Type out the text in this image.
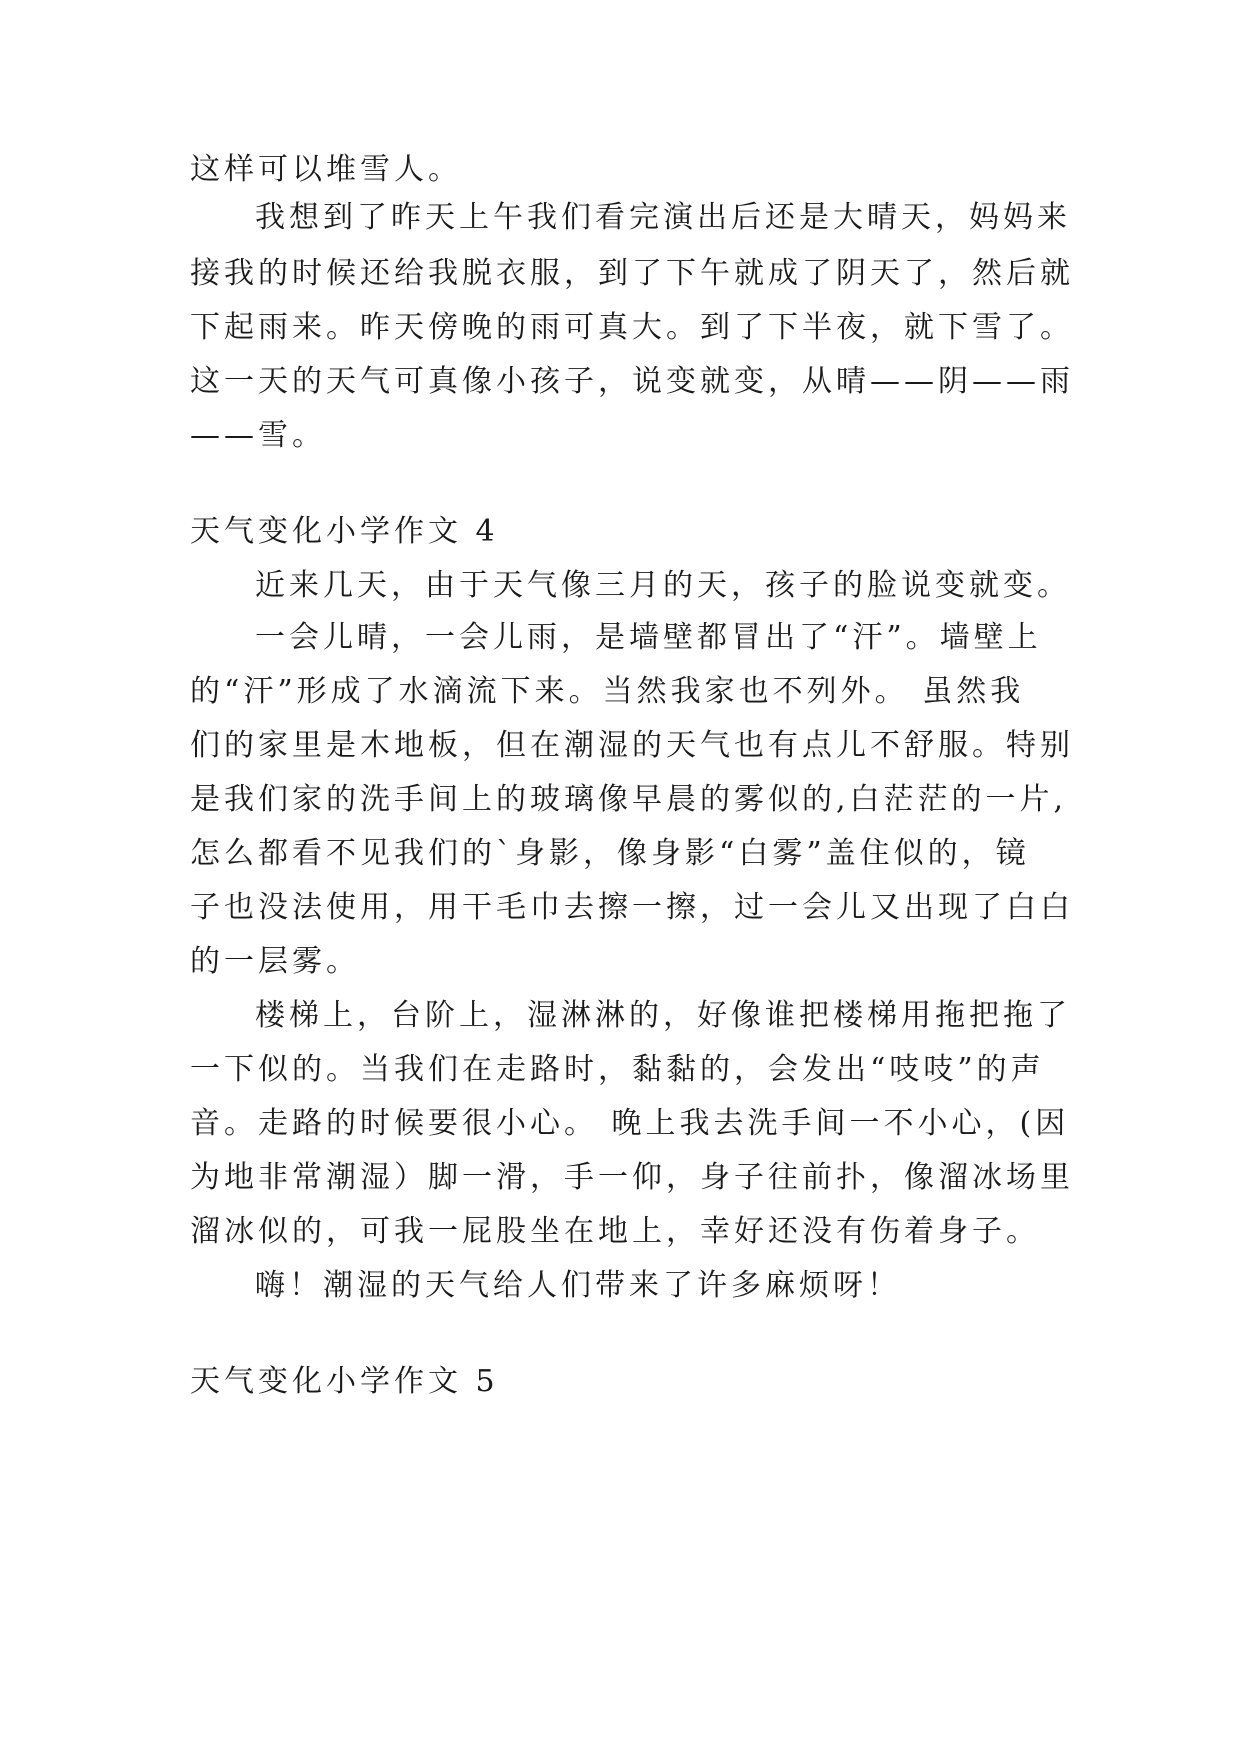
这样可以堆雪人。
我想到了昨天上午我们看完演出后还是大晴天，妈妈来
接我的时候还给我脱衣服，到了下午就成了阴天了，然后就
下起雨来。昨天傍晚的雨可真大。到了下半夜，就下雪了。
这一天的天气可真像小孩子，说变就变，从晴——阴——雨
——雪。
天气变化小学作文 4
近来几天，由于天气像三月的天，孩子的脸说变就变。
一会儿晴，一会儿雨，是墙壁都冒出了“汗”。墙壁上
的“汗”形成了水滴流下来。当然我家也不列外。 虽然我
们的家里是木地板，但在潮湿的天气也有点儿不舒服。特别
是我们家的洗手间上的玻璃像早晨的雾似的,白茫茫的一片,
怎么都看不见我们的`身影，像身影“白雾”盖住似的，镜
子也没法使用，用干毛巾去擦一擦，过一会儿又出现了白白
的一层雾。
楼梯上，台阶上，湿淋淋的，好像谁把楼梯用拖把拖了
一下似的。当我们在走路时，黏黏的，会发出“吱吱”的声
音。走路的时候要很小心。 晚上我去洗手间一不小心，(因
为地非常潮湿）脚一滑，手一仰，身子往前扑，像溜冰场里
溜冰似的，可我一屁股坐在地上，幸好还没有伤着身子。
嗨！潮湿的天气给人们带来了许多麻烦呀！
天气变化小学作文 5
